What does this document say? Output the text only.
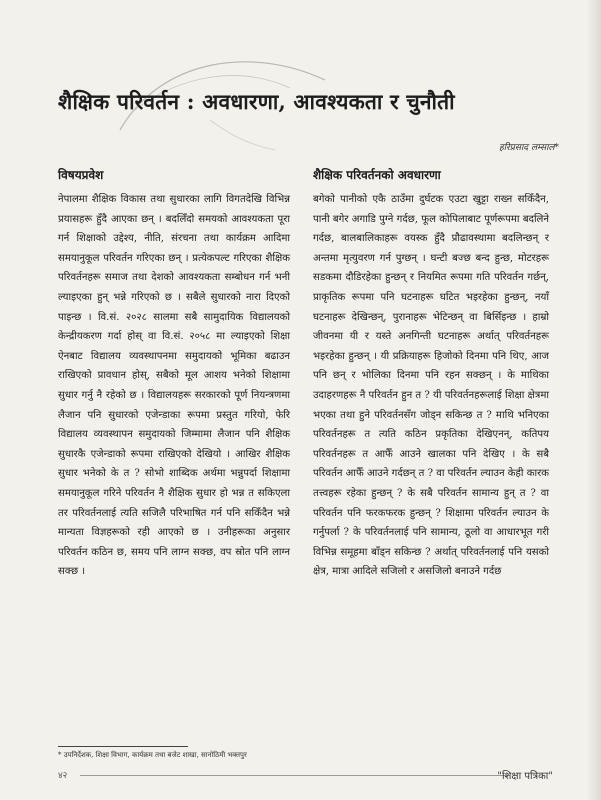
शैक्षिक परिवर्तन : अवधारणा, आवश्यकता र चुनौती
हरिप्रसाद लम्साल*
विषयप्रवेश

नेपालमा शैक्षिक विकास तथा सुधारका लागि विगतदेखि विभिन्न प्रयासहरू हुँदै आएका छन् । बदलिँदो समयको आवश्यकता पूरा गर्न शिक्षाको उद्देश्य, नीति, संरचना तथा कार्यक्रम आदिमा समयानुकूल परिवर्तन गरिएका छन् । प्रत्येकपल्ट गरिएका शैक्षिक परिवर्तनहरू समाज तथा देशको आवश्यकता सम्बोधन गर्न भनी ल्याइएका हुन् भन्ने गरिएको छ । सबैले सुधारको नारा दिएको पाइन्छ । वि.सं. २०२८ सालमा सबै सामुदायिक विद्यालयको केन्द्रीयकरण गर्दा होस् वा वि.सं. २०५८ मा ल्याइएको शिक्षा ऐनबाट विद्यालय व्यवस्थापनमा समुदायको भूमिका बढाउन राखिएको प्रावधान होस्, सबैको मूल आशय भनेको शिक्षामा सुधार गर्नु नै रहेको छ । विद्यालयहरू सरकारको पूर्ण नियन्त्रणमा लैजान पनि सुधारको एजेन्डाका रूपमा प्रस्तुत गरियो, फेरि विद्यालय व्यवस्थापन समुदायको जिम्मामा लैजान पनि शैक्षिक सुधारकै एजेन्डाको रूपमा राखिएको देखियो । आखिर शैक्षिक सुधार भनेको के त ? सोभो शाब्दिक अर्थमा भन्नुपर्दा शिक्षामा समयानुकूल गरिने परिवर्तन नै शैक्षिक सुधार हो भन्न त सकिएला तर परिवर्तनलाई त्यति सजिलै परिभाषित गर्न पनि सकिँदैन भन्ने मान्यता विज्ञहरूको रही आएको छ । उनीहरूका अनुसार परिवर्तन कठिन छ, समय पनि लाग्न सक्छ, वप स्रोत पनि लाग्न सक्छ ।

शैक्षिक परिवर्तनको अवधारणा

बगेको पानीको एकै ठाउँमा दुर्घटक एउटा खुट्टा राख्न सकिँदैन, पानी बगेर अगाडि पुग्ने गर्दछ, फूल कोपिलाबाट पूर्णरूपमा बदलिने गर्दछ, बालबालिकाहरू वयस्क हुँदै प्रौढावस्थामा बदलिन्छन् र अन्तमा मृत्युवरण गर्न पुग्छन् । घन्टी बज्छ बन्द हुन्छ, मोटरहरू सडकमा दौडिरहेका हुन्छन् र नियमित रूपमा गति परिवर्तन गर्छन्, प्राकृतिक रूपमा पनि घटनाहरू घटित भइरहेका हुन्छन्, नयाँ घटनाहरू देखिन्छन्, पुरानाहरू भेटिन्छन् वा बिर्सिइन्छ । हाम्रो जीवनमा यी र यस्ते अनगिन्ती घटनाहरू अर्थात् परिवर्तनहरू भइरहेका हुन्छन् । यी प्रक्रियाहरू हिजोको दिनमा पनि थिए, आज पनि छन् र भोलिका दिनमा पनि रहन सक्छन् । के माथिका उदाहरणहरू नै परिवर्तन हुन त ? यी परिवर्तनहरूलाई शिक्षा क्षेत्रमा भएका तथा हुने परिवर्तनसँग जोड्न सकिन्छ त ? माथि भनिएका परिवर्तनहरू त त्यति कठिन प्रकृतिका देखिएनन्, कतिपय परिवर्तनहरू त आफैँ आउने खालका पनि देखिए । के सबै परिवर्तन आफैँ आउने गर्दछन् त ? वा परिवर्तन ल्याउन केही कारक तत्त्वहरू रहेका हुन्छन् ? के सबै परिवर्तन सामान्य हुन् त ? वा परिवर्तन पनि फरकफरक हुन्छन् ? शिक्षामा परिवर्तन ल्याउन के गर्नुपर्ला ? के परिवर्तनलाई पनि सामान्य, ठूलो वा आधारभूत गरी विभिन्न समूहमा बाँड्न सकिन्छ ? अर्थात् परिवर्तनलाई पनि यसको क्षेत्र, मात्रा आदिले सजिलो र असजिलो बनाउने गर्दछ

* उपनिर्देशक, शिक्षा विभाग, कार्यक्रम तथा बजेट शाखा, सानोठिमी भक्तपुर
४२	"शिक्षा पत्रिका"
